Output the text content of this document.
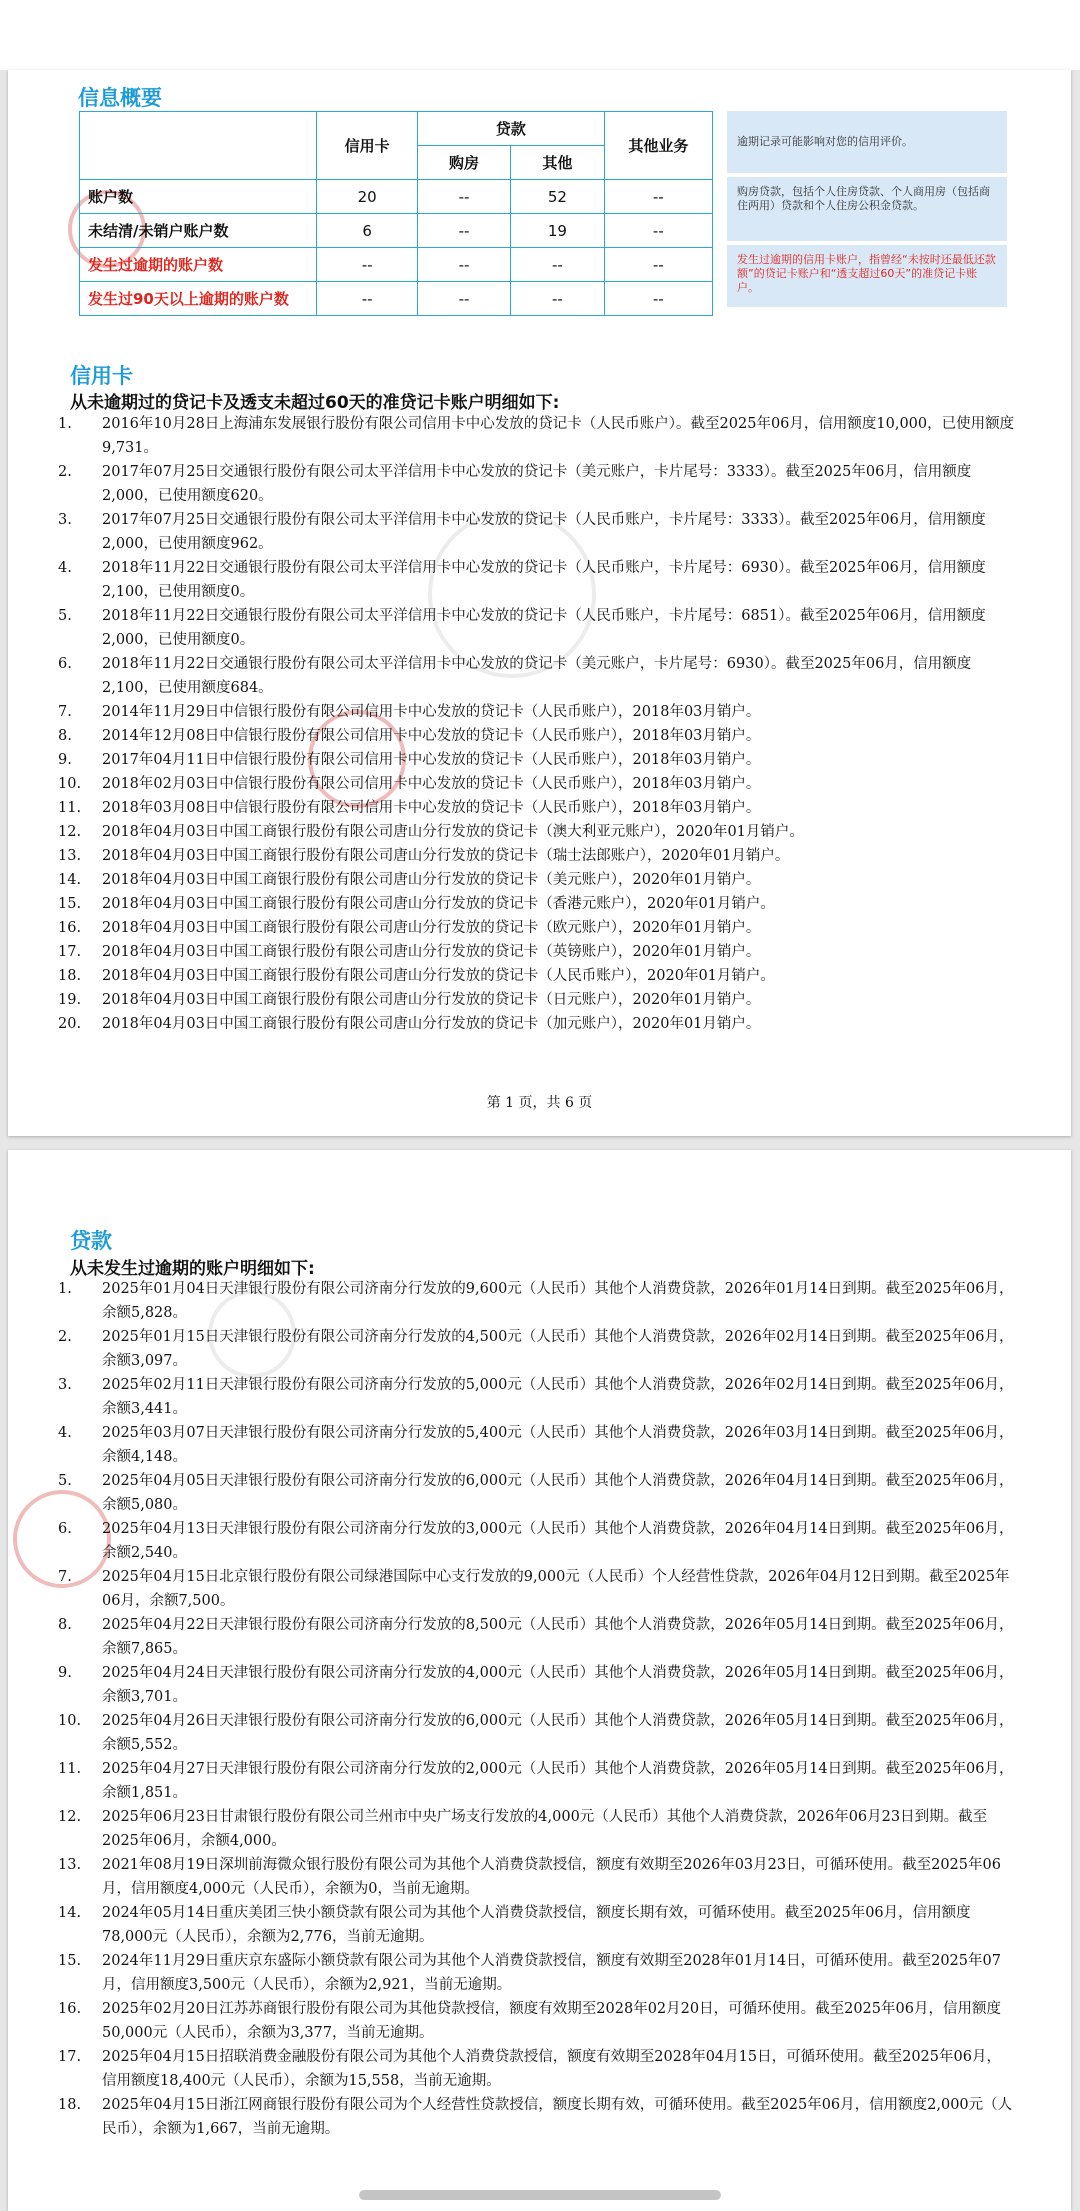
信息概要
	信用卡	贷款		其他业务
		购房	其他	
账户数	20	--	52	--
未结清/未销户账户数	6	--	19	--
发生过逾期的账户数	--	--	--	--
发生过90天以上逾期的账户数	--	--	--	--
逾期记录可能影响对您的信用评价。
购房贷款，包括个人住房贷款、个人商用房（包括商住两用）贷款和个人住房公积金贷款。
发生过逾期的信用卡账户，指曾经“未按时还最低还款额”的贷记卡账户和“透支超过60天”的准贷记卡账户。
信用卡
从未逾期过的贷记卡及透支未超过60天的准贷记卡账户明细如下:
1.	2016年10月28日上海浦东发展银行股份有限公司信用卡中心发放的贷记卡（人民币账户）。截至2025年06月，信用额度10,000，已使用额度9,731。
2.	2017年07月25日交通银行股份有限公司太平洋信用卡中心发放的贷记卡（美元账户，卡片尾号：3333）。截至2025年06月，信用额度2,000，已使用额度620。
3.	2017年07月25日交通银行股份有限公司太平洋信用卡中心发放的贷记卡（人民币账户，卡片尾号：3333）。截至2025年06月，信用额度2,000，已使用额度962。
4.	2018年11月22日交通银行股份有限公司太平洋信用卡中心发放的贷记卡（人民币账户，卡片尾号：6930）。截至2025年06月，信用额度2,100，已使用额度0。
5.	2018年11月22日交通银行股份有限公司太平洋信用卡中心发放的贷记卡（人民币账户，卡片尾号：6851）。截至2025年06月，信用额度2,000，已使用额度0。
6.	2018年11月22日交通银行股份有限公司太平洋信用卡中心发放的贷记卡（美元账户，卡片尾号：6930）。截至2025年06月，信用额度2,100，已使用额度684。
7.	2014年11月29日中信银行股份有限公司信用卡中心发放的贷记卡（人民币账户），2018年03月销户。
8.	2014年12月08日中信银行股份有限公司信用卡中心发放的贷记卡（人民币账户），2018年03月销户。
9.	2017年04月11日中信银行股份有限公司信用卡中心发放的贷记卡（人民币账户），2018年03月销户。
10.	2018年02月03日中信银行股份有限公司信用卡中心发放的贷记卡（人民币账户），2018年03月销户。
11.	2018年03月08日中信银行股份有限公司信用卡中心发放的贷记卡（人民币账户），2018年03月销户。
12.	2018年04月03日中国工商银行股份有限公司唐山分行发放的贷记卡（澳大利亚元账户），2020年01月销户。
13.	2018年04月03日中国工商银行股份有限公司唐山分行发放的贷记卡（瑞士法郎账户），2020年01月销户。
14.	2018年04月03日中国工商银行股份有限公司唐山分行发放的贷记卡（美元账户），2020年01月销户。
15.	2018年04月03日中国工商银行股份有限公司唐山分行发放的贷记卡（香港元账户），2020年01月销户。
16.	2018年04月03日中国工商银行股份有限公司唐山分行发放的贷记卡（欧元账户），2020年01月销户。
17.	2018年04月03日中国工商银行股份有限公司唐山分行发放的贷记卡（英镑账户），2020年01月销户。
18.	2018年04月03日中国工商银行股份有限公司唐山分行发放的贷记卡（人民币账户），2020年01月销户。
19.	2018年04月03日中国工商银行股份有限公司唐山分行发放的贷记卡（日元账户），2020年01月销户。
20.	2018年04月03日中国工商银行股份有限公司唐山分行发放的贷记卡（加元账户），2020年01月销户。
第 1 页，共 6 页
贷款
从未发生过逾期的账户明细如下:
1.	2025年01月04日天津银行股份有限公司济南分行发放的9,600元（人民币）其他个人消费贷款，2026年01月14日到期。截至2025年06月，余额5,828。
2.	2025年01月15日天津银行股份有限公司济南分行发放的4,500元（人民币）其他个人消费贷款，2026年02月14日到期。截至2025年06月，余额3,097。
3.	2025年02月11日天津银行股份有限公司济南分行发放的5,000元（人民币）其他个人消费贷款，2026年02月14日到期。截至2025年06月，余额3,441。
4.	2025年03月07日天津银行股份有限公司济南分行发放的5,400元（人民币）其他个人消费贷款，2026年03月14日到期。截至2025年06月，余额4,148。
5.	2025年04月05日天津银行股份有限公司济南分行发放的6,000元（人民币）其他个人消费贷款，2026年04月14日到期。截至2025年06月，余额5,080。
6.	2025年04月13日天津银行股份有限公司济南分行发放的3,000元（人民币）其他个人消费贷款，2026年04月14日到期。截至2025年06月，余额2,540。
7.	2025年04月15日北京银行股份有限公司绿港国际中心支行发放的9,000元（人民币）个人经营性贷款，2026年04月12日到期。截至2025年06月，余额7,500。
8.	2025年04月22日天津银行股份有限公司济南分行发放的8,500元（人民币）其他个人消费贷款，2026年05月14日到期。截至2025年06月，余额7,865。
9.	2025年04月24日天津银行股份有限公司济南分行发放的4,000元（人民币）其他个人消费贷款，2026年05月14日到期。截至2025年06月，余额3,701。
10.	2025年04月26日天津银行股份有限公司济南分行发放的6,000元（人民币）其他个人消费贷款，2026年05月14日到期。截至2025年06月，余额5,552。
11.	2025年04月27日天津银行股份有限公司济南分行发放的2,000元（人民币）其他个人消费贷款，2026年05月14日到期。截至2025年06月，余额1,851。
12.	2025年06月23日甘肃银行股份有限公司兰州市中央广场支行发放的4,000元（人民币）其他个人消费贷款，2026年06月23日到期。截至2025年06月，余额4,000。
13.	2021年08月19日深圳前海微众银行股份有限公司为其他个人消费贷款授信，额度有效期至2026年03月23日，可循环使用。截至2025年06月，信用额度4,000元（人民币），余额为0，当前无逾期。
14.	2024年05月14日重庆美团三快小额贷款有限公司为其他个人消费贷款授信，额度长期有效，可循环使用。截至2025年06月，信用额度78,000元（人民币），余额为2,776，当前无逾期。
15.	2024年11月29日重庆京东盛际小额贷款有限公司为其他个人消费贷款授信，额度有效期至2028年01月14日，可循环使用。截至2025年07月，信用额度3,500元（人民币），余额为2,921，当前无逾期。
16.	2025年02月20日江苏苏商银行股份有限公司为其他贷款授信，额度有效期至2028年02月20日，可循环使用。截至2025年06月，信用额度50,000元（人民币），余额为3,377，当前无逾期。
17.	2025年04月15日招联消费金融股份有限公司为其他个人消费贷款授信，额度有效期至2028年04月15日，可循环使用。截至2025年06月，信用额度18,400元（人民币），余额为15,558，当前无逾期。
18.	2025年04月15日浙江网商银行股份有限公司为个人经营性贷款授信，额度长期有效，可循环使用。截至2025年06月，信用额度2,000元（人民币），余额为1,667，当前无逾期。
